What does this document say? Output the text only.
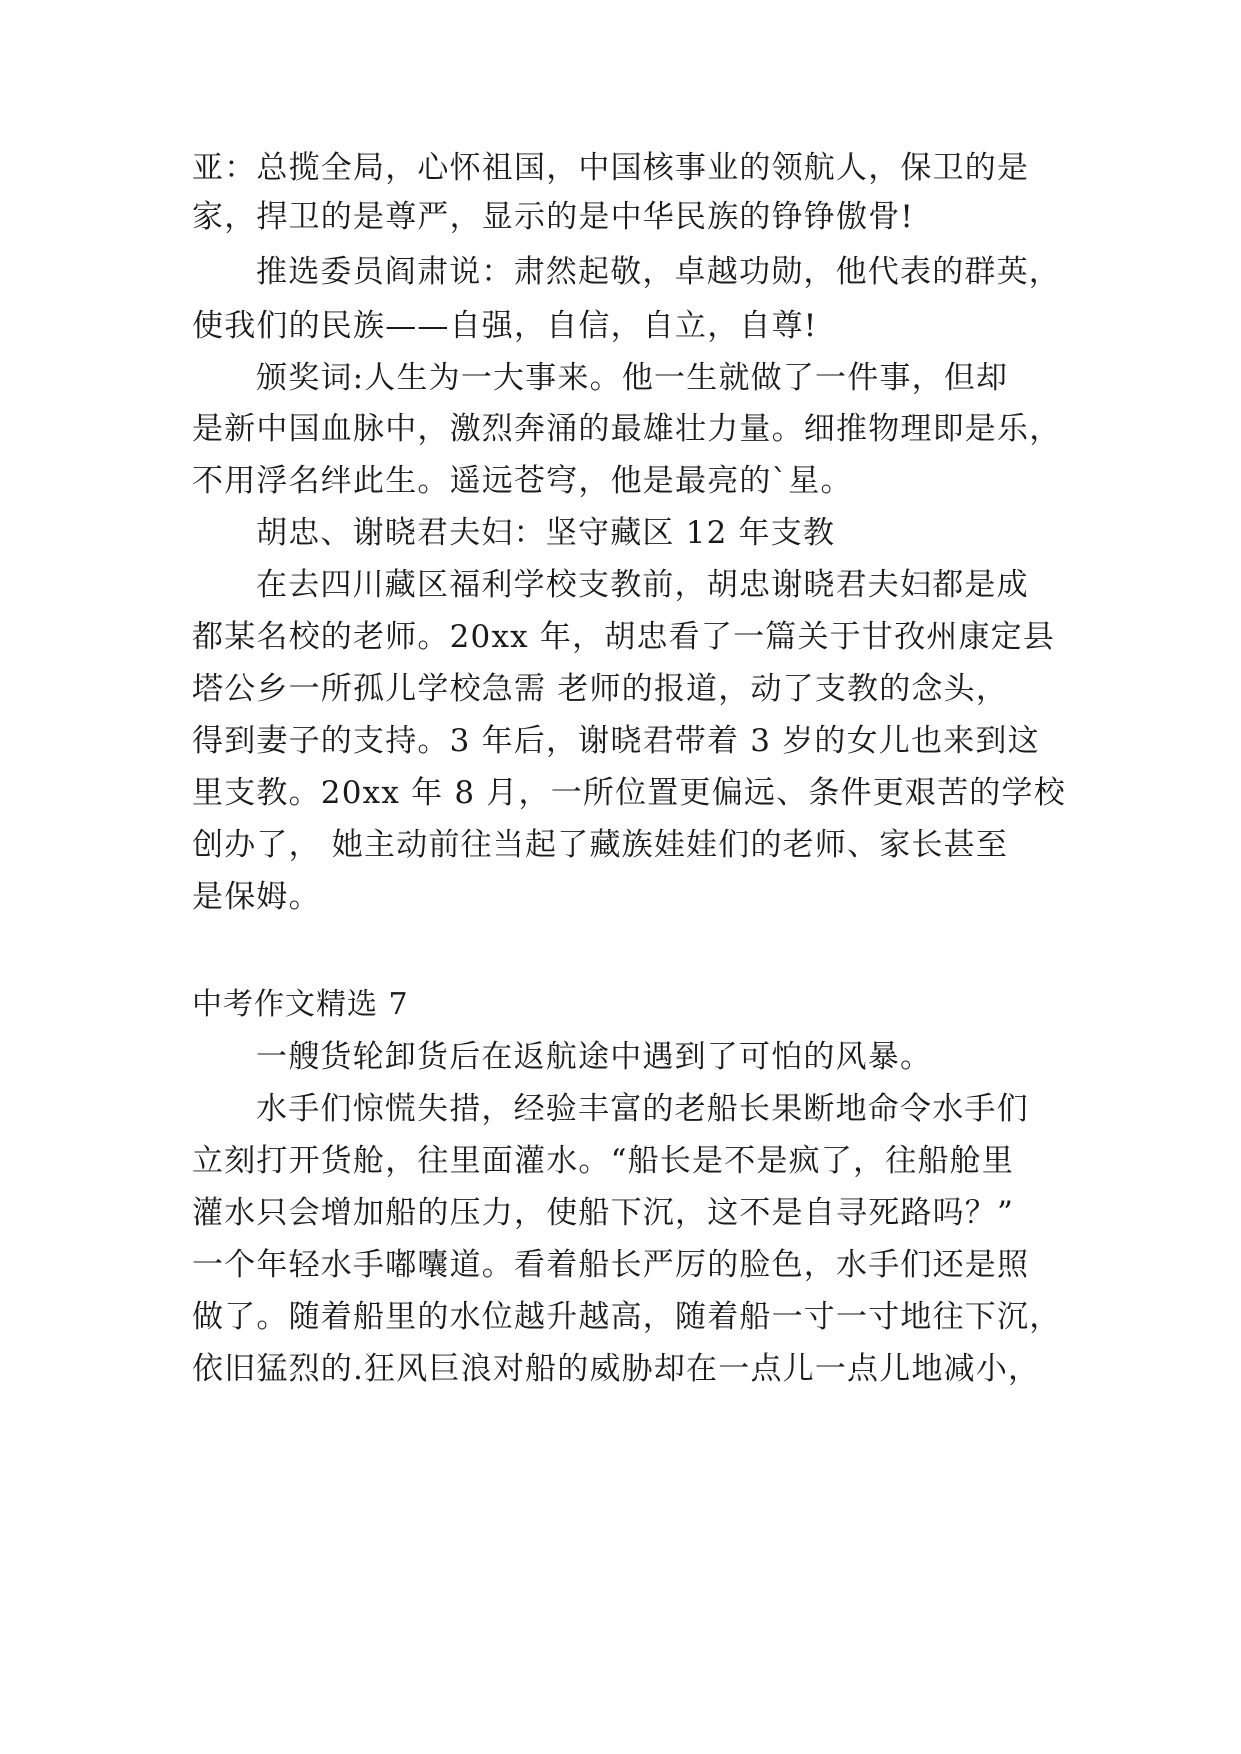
亚：总揽全局，心怀祖国，中国核事业的领航人，保卫的是
家，捍卫的是尊严，显示的是中华民族的铮铮傲骨!
推选委员阎肃说：肃然起敬，卓越功勋，他代表的群英，
使我们的民族——自强，自信，自立，自尊!
颁奖词:人生为一大事来。他一生就做了一件事，但却
是新中国血脉中，激烈奔涌的最雄壮力量。细推物理即是乐，
不用浮名绊此生。遥远苍穹，他是最亮的`星。
胡忠、谢晓君夫妇：坚守藏区 12 年支教
在去四川藏区福利学校支教前，胡忠谢晓君夫妇都是成
都某名校的老师。20xx 年，胡忠看了一篇关于甘孜州康定县
塔公乡一所孤儿学校急需 老师的报道，动了支教的念头，
得到妻子的支持。3 年后，谢晓君带着 3 岁的女儿也来到这
里支教。20xx 年 8 月，一所位置更偏远、条件更艰苦的学校
创办了， 她主动前往当起了藏族娃娃们的老师、家长甚至
是保姆。
中考作文精选 7
一艘货轮卸货后在返航途中遇到了可怕的风暴。
水手们惊慌失措，经验丰富的老船长果断地命令水手们
立刻打开货舱，往里面灌水。“船长是不是疯了，往船舱里
灌水只会增加船的压力，使船下沉，这不是自寻死路吗？”
一个年轻水手嘟囔道。看着船长严厉的脸色，水手们还是照
做了。随着船里的水位越升越高，随着船一寸一寸地往下沉，
依旧猛烈的.狂风巨浪对船的威胁却在一点儿一点儿地减小，
